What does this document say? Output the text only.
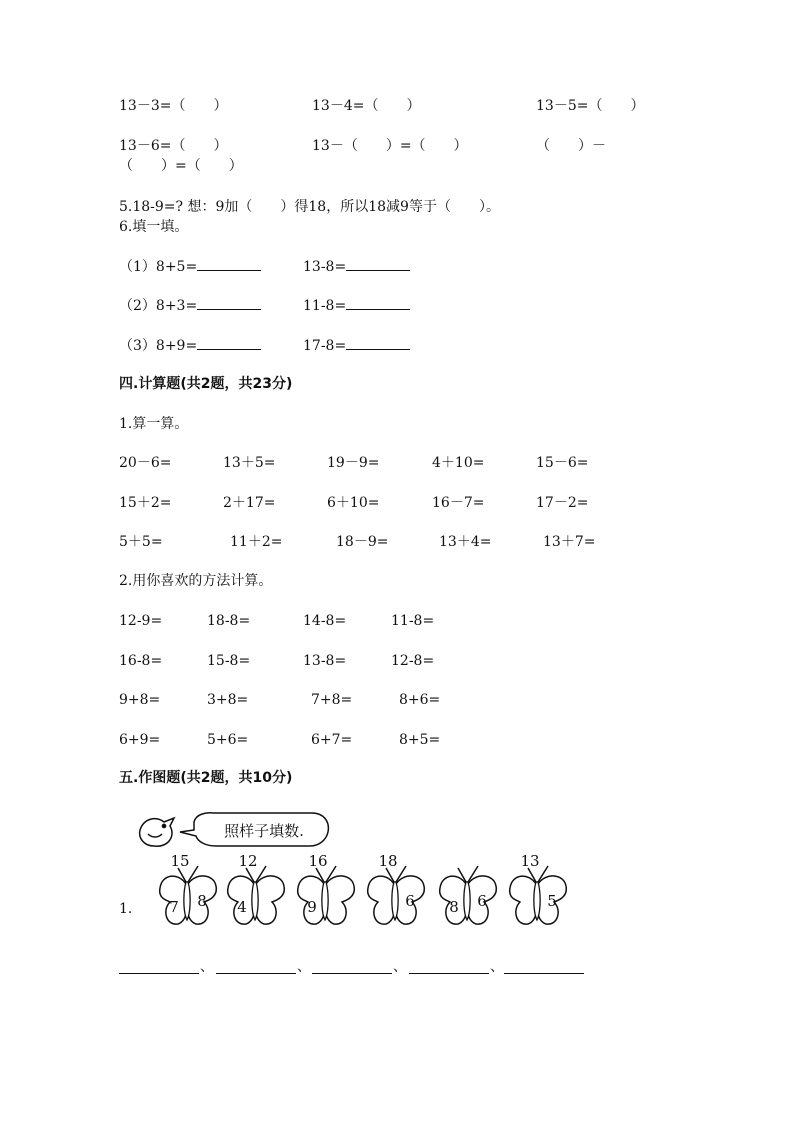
13－3=（　　）	13－4=（　　）	13－5=（　　）
13－6=（　　）	13－（　　）=（　　）	（　　）－
（　　）=（　　）
5.18-9=? 想：9加（　　）得18，所以18减9等于（　　）。
6.填一填。
（1）8+5=	13-8=
（2）8+3=	11-8=
（3）8+9=	17-8=
四.计算题(共2题，共23分)
1.算一算。
20－6=	13＋5=	19－9=	4＋10=	15－6=
15＋2=	2＋17=	6＋10=	16－7=	17－2=
5＋5=	11＋2=	18－9=	13＋4=	13＋7=
2.用你喜欢的方法计算。
12-9=	18-8=	14-8=	11-8=
16-8=	15-8=	13-8=	12-8=
9+8=	3+8=	7+8=	8+6=
6+9=	5+6=	6+7=	8+5=
五.作图题(共2题，共10分)
1.
照样子填数.
15
7 8
12
4
16
9
18
6 8 6
13
5
、	、	、	、
